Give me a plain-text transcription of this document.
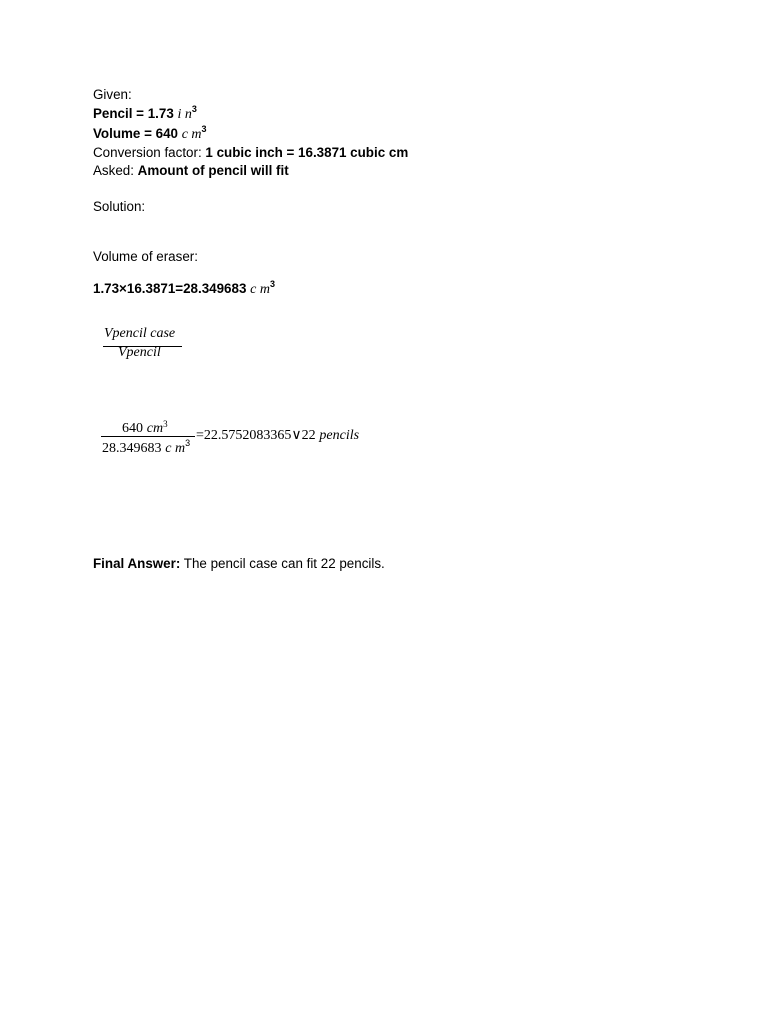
Given:
Pencil = 1.73 i $n^3$
Volume = 640 c $m^3$
Conversion factor: 1 cubic inch = 16.3871 cubic cm
Asked: Amount of pencil will fit
Solution:
Volume of eraser:
1.73×16.3871=28.349683 c $m^3$
Vpencil case
Vpencil
640 $cm^3$
28.349683 c $m^3$ =22.5752083365∨22 pencils
Final Answer: The pencil case can fit 22 pencils.
